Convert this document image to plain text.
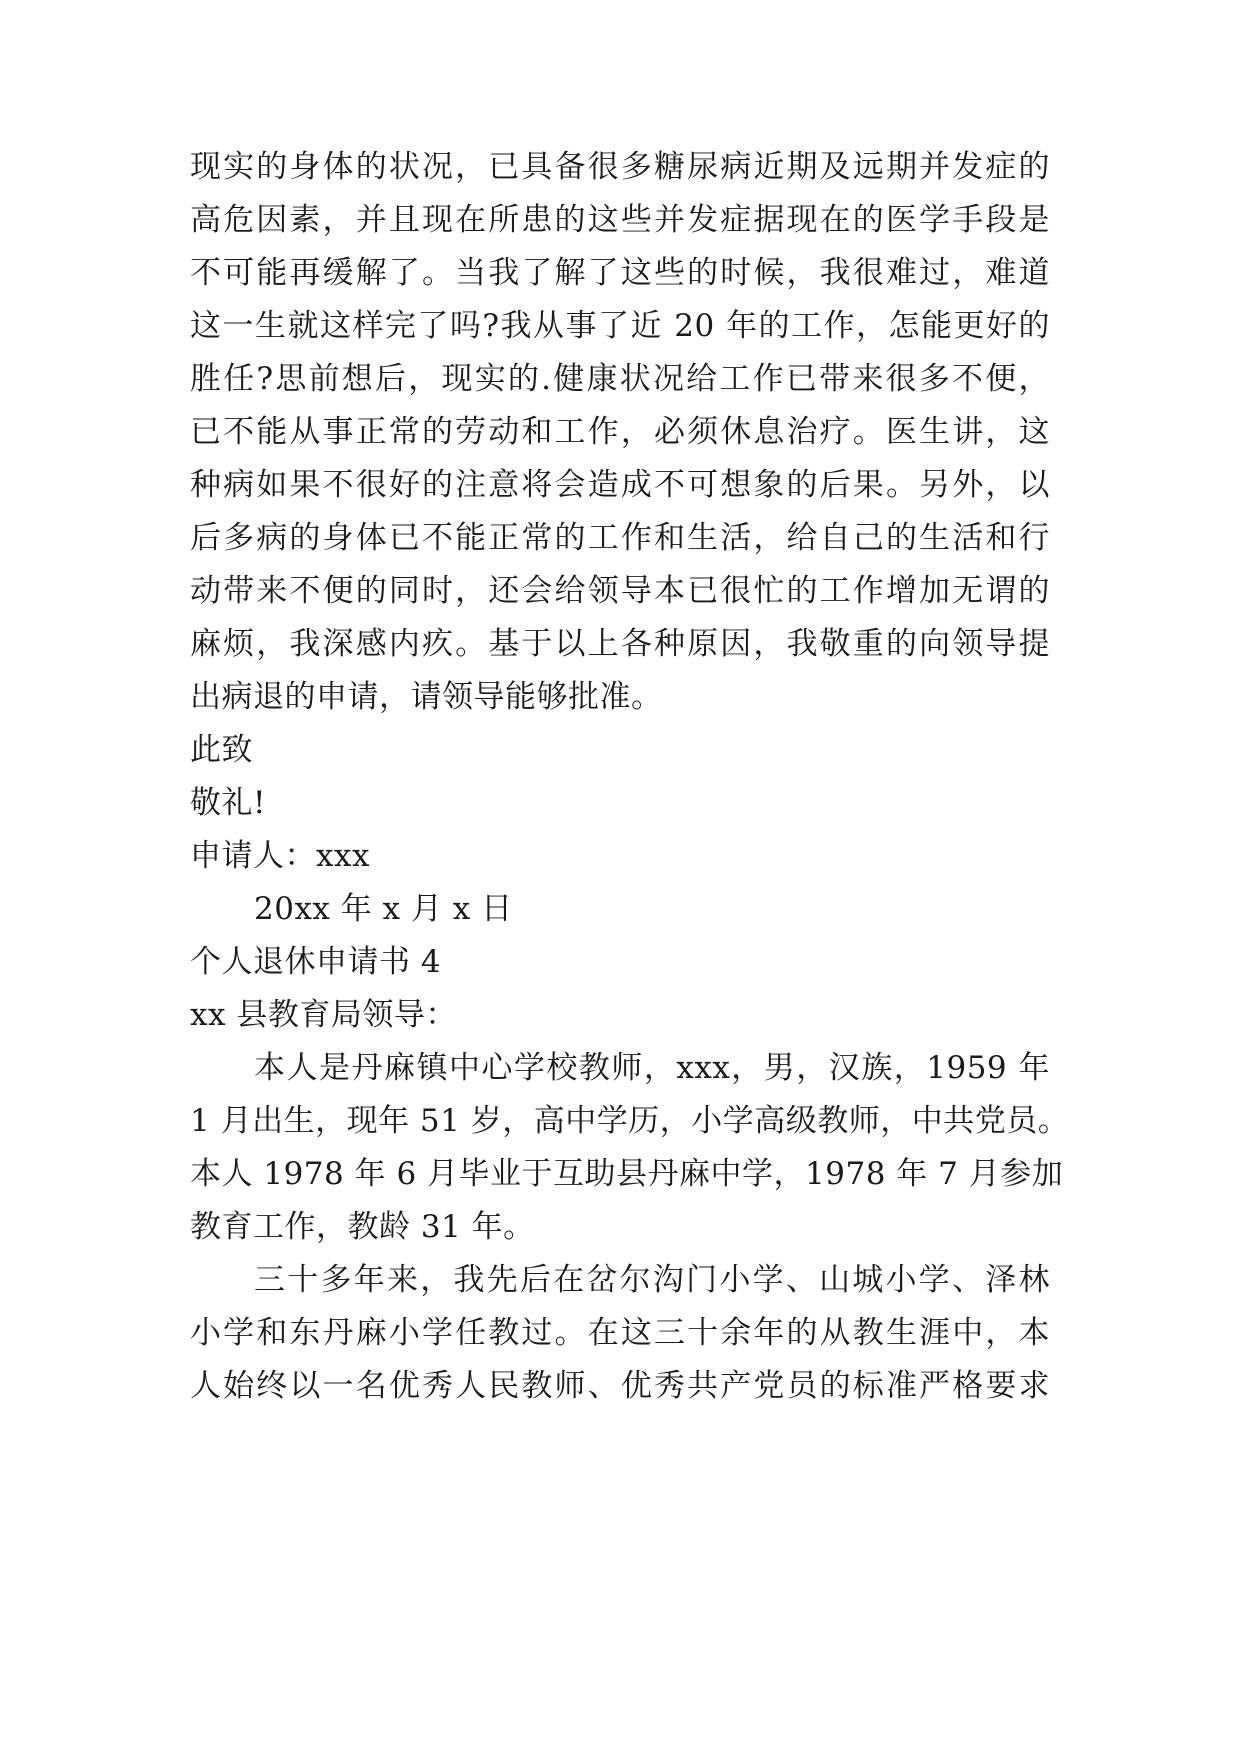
现实的身体的状况，已具备很多糖尿病近期及远期并发症的
高危因素，并且现在所患的这些并发症据现在的医学手段是
不可能再缓解了。当我了解了这些的时候，我很难过，难道
这一生就这样完了吗?我从事了近 20 年的工作，怎能更好的
胜任?思前想后，现实的.健康状况给工作已带来很多不便，
已不能从事正常的劳动和工作，必须休息治疗。医生讲，这
种病如果不很好的注意将会造成不可想象的后果。另外，以
后多病的身体已不能正常的工作和生活，给自己的生活和行
动带来不便的同时，还会给领导本已很忙的工作增加无谓的
麻烦，我深感内疚。基于以上各种原因，我敬重的向领导提
出病退的申请，请领导能够批准。
此致
敬礼!
申请人：xxx
20xx 年 x 月 x 日
个人退休申请书 4
xx 县教育局领导：
本人是丹麻镇中心学校教师，xxx，男，汉族，1959 年
1 月出生，现年 51 岁，高中学历，小学高级教师，中共党员。
本人 1978 年 6 月毕业于互助县丹麻中学，1978 年 7 月参加
教育工作，教龄 31 年。
三十多年来，我先后在岔尔沟门小学、山城小学、泽林
小学和东丹麻小学任教过。在这三十余年的从教生涯中，本
人始终以一名优秀人民教师、优秀共产党员的标准严格要求
